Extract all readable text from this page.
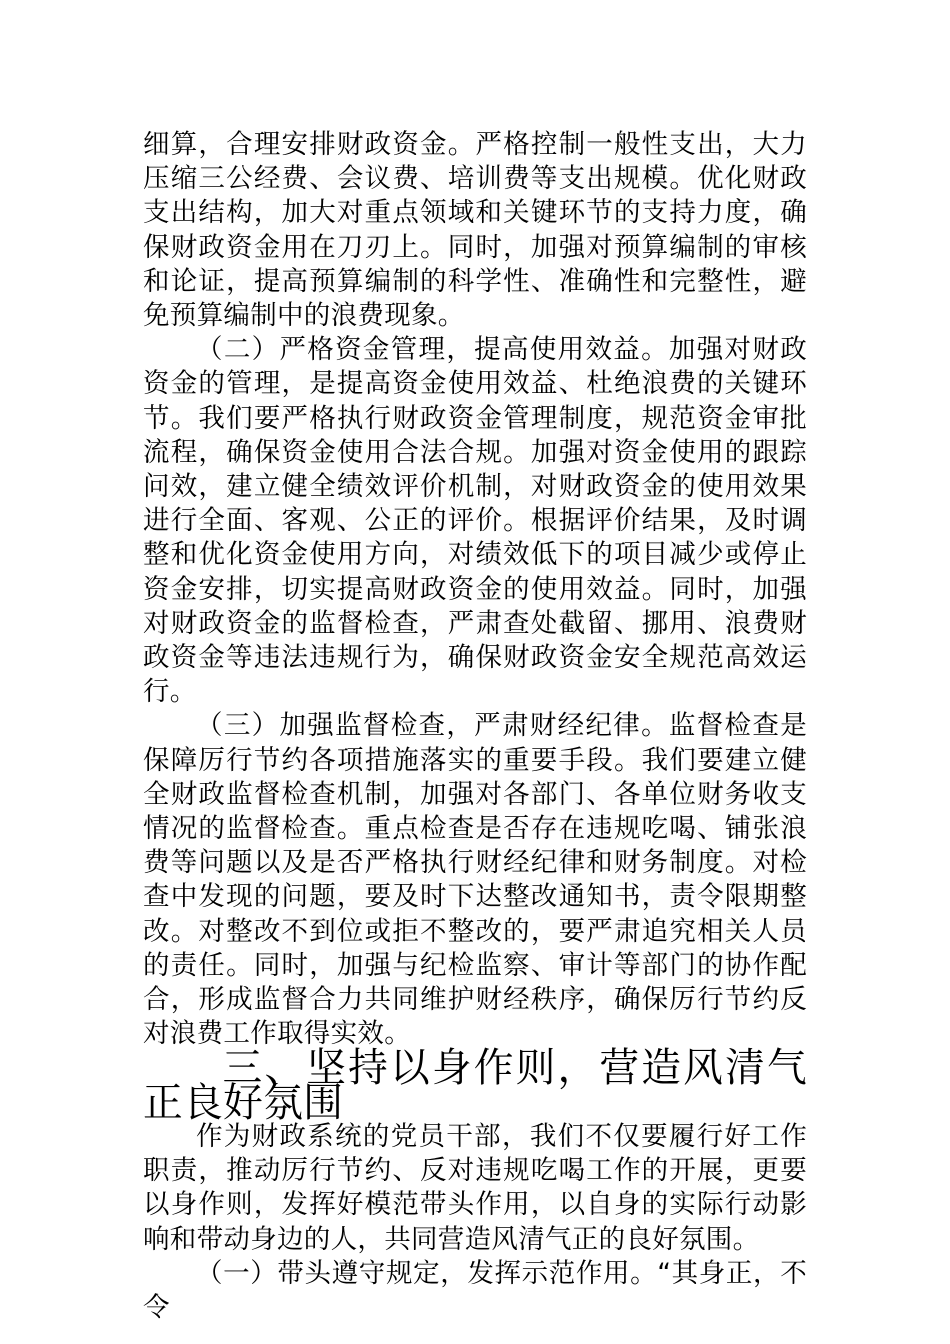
细算，合理安排财政资金。严格控制一般性支出，大力压缩三公经费、会议费、培训费等支出规模。优化财政支出结构，加大对重点领域和关键环节的支持力度，确保财政资金用在刀刃上。同时，加强对预算编制的审核和论证，提高预算编制的科学性、准确性和完整性，避免预算编制中的浪费现象。

（二）严格资金管理，提高使用效益。加强对财政资金的管理，是提高资金使用效益、杜绝浪费的关键环节。我们要严格执行财政资金管理制度，规范资金审批流程，确保资金使用合法合规。加强对资金使用的跟踪问效，建立健全绩效评价机制，对财政资金的使用效果进行全面、客观、公正的评价。根据评价结果，及时调整和优化资金使用方向，对绩效低下的项目减少或停止资金安排，切实提高财政资金的使用效益。同时，加强对财政资金的监督检查，严肃查处截留、挪用、浪费财政资金等违法违规行为，确保财政资金安全规范高效运行。

（三）加强监督检查，严肃财经纪律。监督检查是保障厉行节约各项措施落实的重要手段。我们要建立健全财政监督检查机制，加强对各部门、各单位财务收支情况的监督检查。重点检查是否存在违规吃喝、铺张浪费等问题以及是否严格执行财经纪律和财务制度。对检查中发现的问题，要及时下达整改通知书，责令限期整改。对整改不到位或拒不整改的，要严肃追究相关人员的责任。同时，加强与纪检监察、审计等部门的协作配合，形成监督合力共同维护财经秩序，确保厉行节约反对浪费工作取得实效。

三、坚持以身作则，营造风清气正良好氛围

作为财政系统的党员干部，我们不仅要履行好工作职责，推动厉行节约、反对违规吃喝工作的开展，更要以身作则，发挥好模范带头作用，以自身的实际行动影响和带动身边的人，共同营造风清气正的良好氛围。

（一）带头遵守规定，发挥示范作用。“其身正，不令
